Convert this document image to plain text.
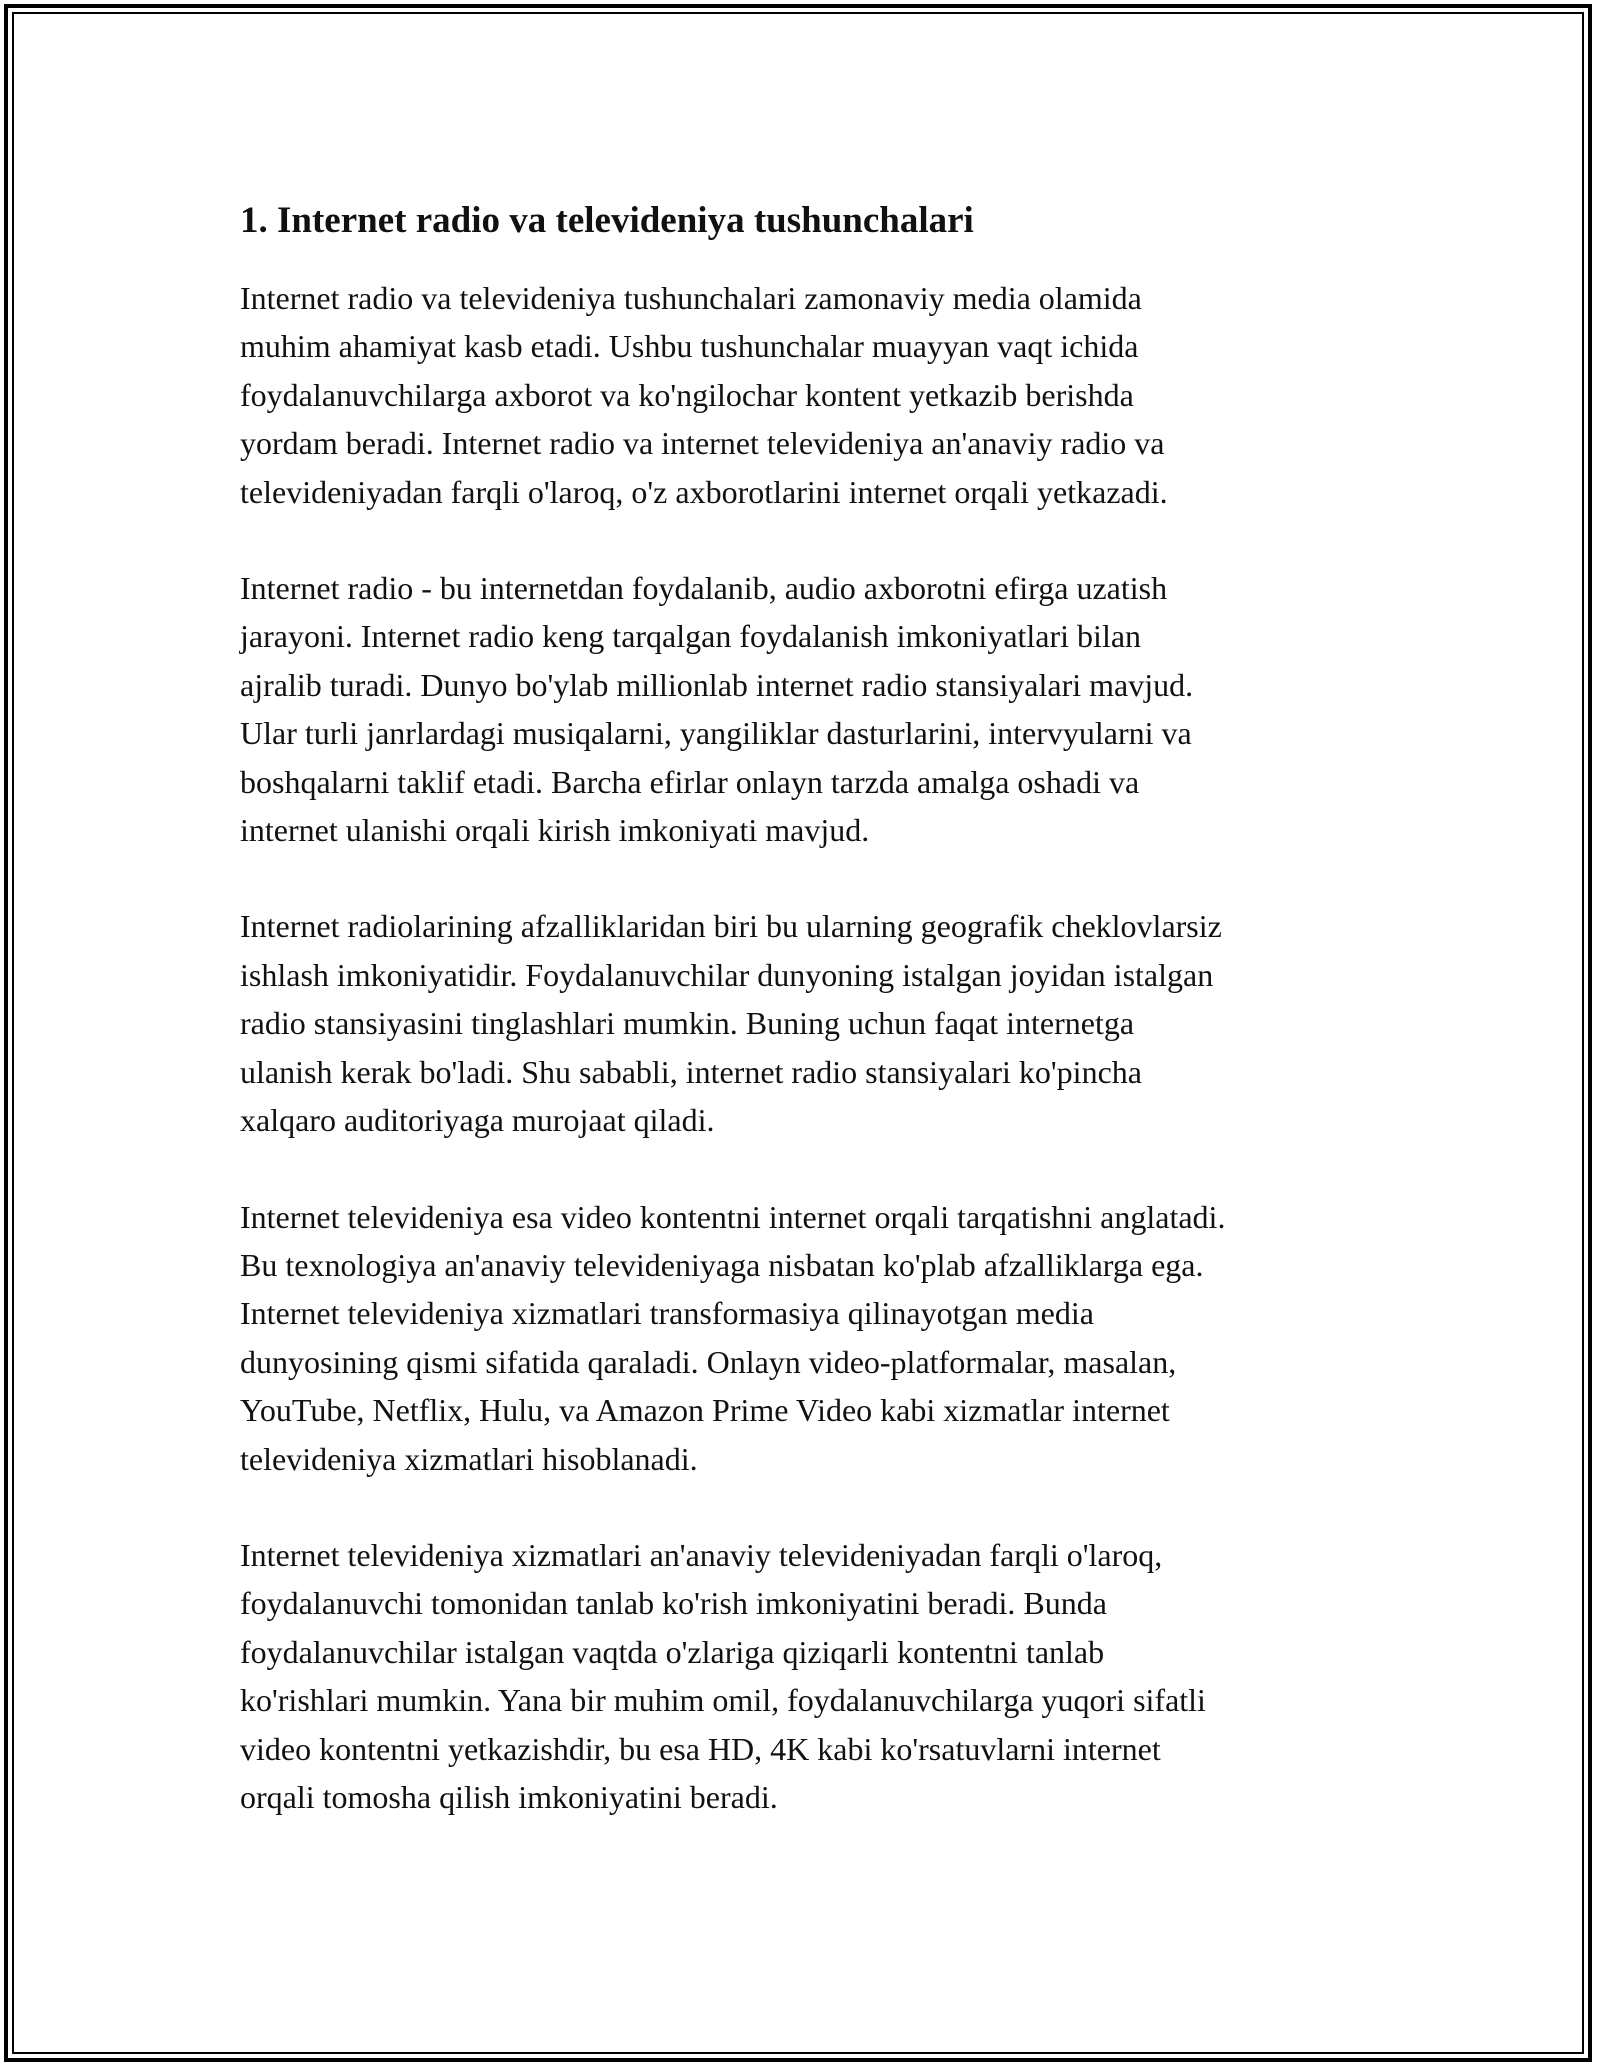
1. Internet radio va televideniya tushunchalari

Internet radio va televideniya tushunchalari zamonaviy media olamida
muhim ahamiyat kasb etadi. Ushbu tushunchalar muayyan vaqt ichida
foydalanuvchilarga axborot va ko'ngilochar kontent yetkazib berishda
yordam beradi. Internet radio va internet televideniya an'anaviy radio va
televideniyadan farqli o'laroq, o'z axborotlarini internet orqali yetkazadi.

Internet radio - bu internetdan foydalanib, audio axborotni efirga uzatish
jarayoni. Internet radio keng tarqalgan foydalanish imkoniyatlari bilan
ajralib turadi. Dunyo bo'ylab millionlab internet radio stansiyalari mavjud.
Ular turli janrlardagi musiqalarni, yangiliklar dasturlarini, intervyularni va
boshqalarni taklif etadi. Barcha efirlar onlayn tarzda amalga oshadi va
internet ulanishi orqali kirish imkoniyati mavjud.

Internet radiolarining afzalliklaridan biri bu ularning geografik cheklovlarsiz
ishlash imkoniyatidir. Foydalanuvchilar dunyoning istalgan joyidan istalgan
radio stansiyasini tinglashlari mumkin. Buning uchun faqat internetga
ulanish kerak bo'ladi. Shu sababli, internet radio stansiyalari ko'pincha
xalqaro auditoriyaga murojaat qiladi.

Internet televideniya esa video kontentni internet orqali tarqatishni anglatadi.
Bu texnologiya an'anaviy televideniyaga nisbatan ko'plab afzalliklarga ega.
Internet televideniya xizmatlari transformasiya qilinayotgan media
dunyosining qismi sifatida qaraladi. Onlayn video-platformalar, masalan,
YouTube, Netflix, Hulu, va Amazon Prime Video kabi xizmatlar internet
televideniya xizmatlari hisoblanadi.

Internet televideniya xizmatlari an'anaviy televideniyadan farqli o'laroq,
foydalanuvchi tomonidan tanlab ko'rish imkoniyatini beradi. Bunda
foydalanuvchilar istalgan vaqtda o'zlariga qiziqarli kontentni tanlab
ko'rishlari mumkin. Yana bir muhim omil, foydalanuvchilarga yuqori sifatli
video kontentni yetkazishdir, bu esa HD, 4K kabi ko'rsatuvlarni internet
orqali tomosha qilish imkoniyatini beradi.
